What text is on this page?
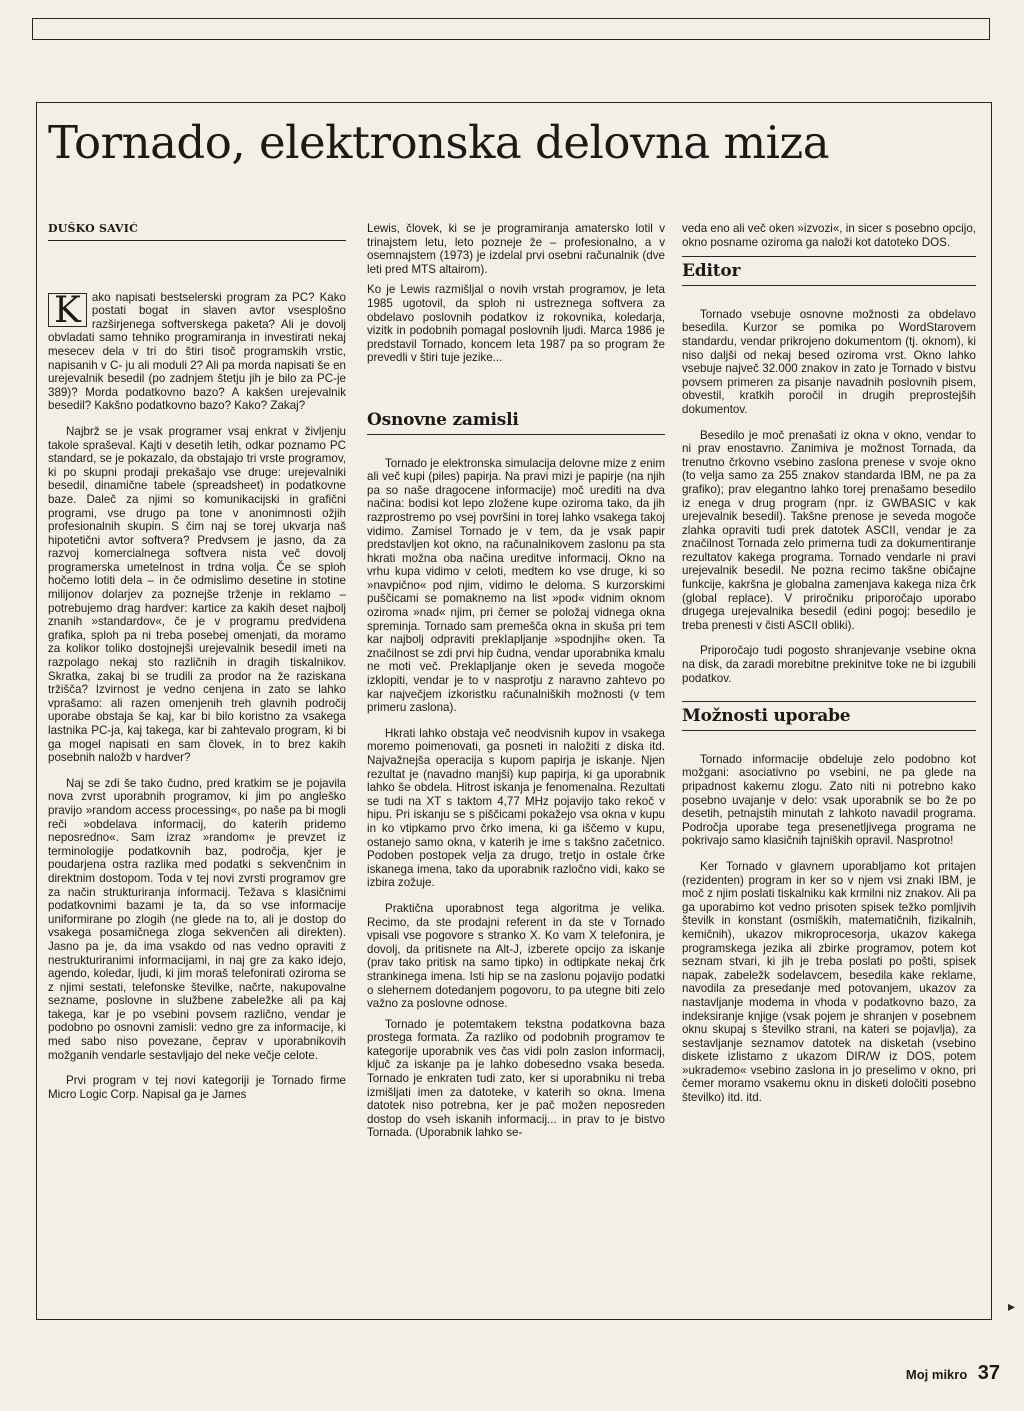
Tornado, elektronska delovna miza
DUŠKO SAVIĆ

K ako napisati bestselerski program za PC? Kako postati bogat in slaven avtor vsesplošno razširjenega softverskega paketa? Ali je dovolj obvladati samo tehniko programiranja in investirati nekaj mesecev dela v tri do štiri tisoč programskih vrstic, napisanih v C- ju ali moduli 2? Ali pa morda napisati še en urejevalnik besedil (po zadnjem štetju jih je bilo za PC-je 389)? Morda podatkovno bazo? A kakšen urejevalnik besedil? Kakšno podatkovno bazo? Kako? Zakaj?

Najbrž se je vsak programer vsaj enkrat v življenju takole spraševal. Kajti v desetih letih, odkar poznamo PC standard, se je pokazalo, da obstajajo tri vrste programov, ki po skupni prodaji prekašajo vse druge: urejevalniki besedil, dinamične tabele (spreadsheet) in podatkovne baze. Daleč za njimi so komunikacijski in grafični programi, vse drugo pa tone v anonimnosti ožjih profesionalnih skupin. S čim naj se torej ukvarja naš hipotetični avtor softvera? Predvsem je jasno, da za razvoj komercialnega softvera nista več dovolj programerska umetelnost in trdna volja. Če se sploh hočemo lotiti dela – in če odmislimo desetine in stotine milijonov dolarjev za poznejše trženje in reklamo – potrebujemo drag hardver: kartice za kakih deset najbolj znanih »standardov«, če je v programu predvidena grafika, sploh pa ni treba posebej omenjati, da moramo za kolikor toliko dostojnejši urejevalnik besedil imeti na razpolago nekaj sto različnih in dragih tiskalnikov. Skratka, zakaj bi se trudili za prodor na že raziskana tržišča? Izvirnost je vedno cenjena in zato se lahko vprašamo: ali razen omenjenih treh glavnih področij uporabe obstaja še kaj, kar bi bilo koristno za vsakega lastnika PC-ja, kaj takega, kar bi zahtevalo program, ki bi ga mogel napisati en sam človek, in to brez kakih posebnih naložb v hardver?

Naj se zdi še tako čudno, pred kratkim se je pojavila nova zvrst uporabnih programov, ki jim po angleško pravijo »random access processing«, po naše pa bi mogli reči »obdelava informacij, do katerih pridemo neposredno«. Sam izraz »random« je prevzet iz terminologije podatkovnih baz, področja, kjer je poudarjena ostra razlika med podatki s sekvenčnim in direktnim dostopom. Toda v tej novi zvrsti programov gre za način strukturiranja informacij. Težava s klasičnimi podatkovnimi bazami je ta, da so vse informacije uniformirane po zlogih (ne glede na to, ali je dostop do vsakega posamičnega zloga sekvenčen ali direkten). Jasno pa je, da ima vsakdo od nas vedno opraviti z nestrukturiranimi informacijami, in naj gre za kako idejo, agendo, koledar, ljudi, ki jim moraš telefonirati oziroma se z njimi sestati, telefonske številke, načrte, nakupovalne sezname, poslovne in službene zabeležke ali pa kaj takega, kar je po vsebini povsem različno, vendar je podobno po osnovni zamisli: vedno gre za informacije, ki med sabo niso povezane, čeprav v uporabnikovih možganih vendarle sestavljajo del neke večje celote.

Prvi program v tej novi kategoriji je Tornado firme Micro Logic Corp. Napisal ga je James

Lewis, človek, ki se je programiranja amatersko lotil v trinajstem letu, leto pozneje že – profesionalno, a v osemnajstem (1973) je izdelal prvi osebni računalnik (dve leti pred MTS altairom).

Ko je Lewis razmišljal o novih vrstah programov, je leta 1985 ugotovil, da sploh ni ustreznega softvera za obdelavo poslovnih podatkov iz rokovnika, koledarja, vizitk in podobnih pomagal poslovnih ljudi. Marca 1986 je predstavil Tornado, koncem leta 1987 pa so program že prevedli v štiri tuje jezike...

Osnovne zamisli

Tornado je elektronska simulacija delovne mize z enim ali več kupi (piles) papirja. Na pravi mizi je papirje (na njih pa so naše dragocene informacije) moč urediti na dva načina: bodisi kot lepo zložene kupe oziroma tako, da jih razprostremo po vsej površini in torej lahko vsakega takoj vidimo. Zamisel Tornado je v tem, da je vsak papir predstavljen kot okno, na računalnikovem zaslonu pa sta hkrati možna oba načina ureditve informacij. Okno na vrhu kupa vidimo v celoti, medtem ko vse druge, ki so »navpično« pod njim, vidimo le deloma. S kurzorskimi puščicami se pomaknemo na list »pod« vidnim oknom oziroma »nad« njim, pri čemer se položaj vidnega okna spreminja. Tornado sam premešča okna in skuša pri tem kar najbolj odpraviti prekIapljanje »spodnjih« oken. Ta značilnost se zdi prvi hip čudna, vendar uporabnika kmalu ne moti več. Preklapljanje oken je seveda mogoče izklopiti, vendar je to v nasprotju z naravno zahtevo po kar največjem izkoristku računalniških možnosti (v tem primeru zaslona).

Hkrati lahko obstaja več neodvisnih kupov in vsakega moremo poimenovati, ga posneti in naložiti z diska itd. Najvažnejša operacija s kupom papirja je iskanje. Njen rezultat je (navadno manjši) kup papirja, ki ga uporabnik lahko še obdela. Hitrost iskanja je fenomenalna. Rezultati se tudi na XT s taktom 4,77 MHz pojavijo tako rekoč v hipu. Pri iskanju se s piščicami pokažejo vsa okna v kupu in ko vtipkamo prvo črko imena, ki ga iščemo v kupu, ostanejo samo okna, v katerih je ime s takšno začetnico. Podoben postopek velja za drugo, tretjo in ostale črke iskanega imena, tako da uporabnik razločno vidi, kako se izbira zožuje.

Praktična uporabnost tega algoritma je velika. Recimo, da ste prodajni referent in da ste v Tornado vpisali vse pogovore s stranko X. Ko vam X telefonira, je dovolj, da pritisnete na Alt-J, izberete opcijo za iskanje (prav tako pritisk na samo tipko) in odtipkate nekaj črk strankinega imena. Isti hip se na zaslonu pojavijo podatki o slehernem dotedanjem pogovoru, to pa utegne biti zelo važno za poslovne odnose.

Tornado je potemtakem tekstna podatkovna baza prostega formata. Za razliko od podobnih programov te kategorije uporabnik ves čas vidi poln zaslon informacij, ključ za iskanje pa je lahko dobesedno vsaka beseda. Tornado je enkraten tudi zato, ker si uporabniku ni treba izmišljati imen za datoteke, v katerih so okna. Imena datotek niso potrebna, ker je pač možen neposreden dostop do vseh iskanih informacij... in prav to je bistvo Tornada. (Uporabnik lahko se-

veda eno ali več oken »izvozi«, in sicer s posebno opcijo, okno posname oziroma ga naloži kot datoteko DOS.

Editor

Tornado vsebuje osnovne možnosti za obdelavo besedila. Kurzor se pomika po WordStarovem standardu, vendar prikrojeno dokumentom (tj. oknom), ki niso daljši od nekaj besed oziroma vrst. Okno lahko vsebuje največ 32.000 znakov in zato je Tornado v bistvu povsem primeren za pisanje navadnih poslovnih pisem, obvestil, kratkih poročil in drugih preprostejših dokumentov.

Besedilo je moč prenašati iz okna v okno, vendar to ni prav enostavno. Zanimiva je možnost Tornada, da trenutno črkovno vsebino zaslona prenese v svoje okno (to velja samo za 255 znakov standarda IBM, ne pa za grafiko); prav elegantno lahko torej prenašamo besedilo iz enega v drug program (npr. iz GWBASIC v kak urejevalnik besedil). Takšne prenose je seveda mogoče zlahka opraviti tudi prek datotek ASCII, vendar je za značilnost Tornada zelo primerna tudi za dokumentiranje rezultatov kakega programa. Tornado vendarle ni pravi urejevalnik besedil. Ne pozna recimo takšne običajne funkcije, kakršna je globalna zamenjava kakega niza črk (global replace). V priročniku priporočajo uporabo drugega urejevalnika besedil (edini pogoj: besedilo je treba prenesti v čisti ASCII obliki).

Priporočajo tudi pogosto shranjevanje vsebine okna na disk, da zaradi morebitne prekinitve toke ne bi izgubili podatkov.

Možnosti uporabe

Tornado informacije obdeluje zelo podobno kot možgani: asociativno po vsebini, ne pa glede na pripadnost kakemu zlogu. Zato niti ni potrebno kako posebno uvajanje v delo: vsak uporabnik se bo že po desetih, petnajstih minutah z lahkoto navadil programa. Področja uporabe tega presenetljivega programa ne pokrivajo samo klasičnih tajniških opravil. Nasprotno!

Ker Tornado v glavnem uporabljamo kot pritajen (rezidenten) program in ker so v njem vsi znaki IBM, je moč z njim poslati tiskalniku kak krmilni niz znakov. Ali pa ga uporabimo kot vedno prisoten spisek težko pomljivih številk in konstant (osmiških, matematičnih, fizikalnih, kemičnih), ukazov mikroprocesorja, ukazov kakega programskega jezika ali zbirke programov, potem kot seznam stvari, ki jih je treba poslati po pošti, spisek napak, zabeležk sodelavcem, besedila kake reklame, navodila za presedanje med potovanjem, ukazov za nastavljanje modema in vhoda v podatkovno bazo, za indeksiranje knjige (vsak pojem je shranjen v posebnem oknu skupaj s številko strani, na kateri se pojavlja), za sestavljanje seznamov datotek na disketah (vsebino diskete izlistamo z ukazom DIR/W iz DOS, potem »ukrademo« vsebino zaslona in jo preselimo v okno, pri čemer moramo vsakemu oknu in disketi določiti posebno številko) itd. itd.

▸
Moj mikro 37
